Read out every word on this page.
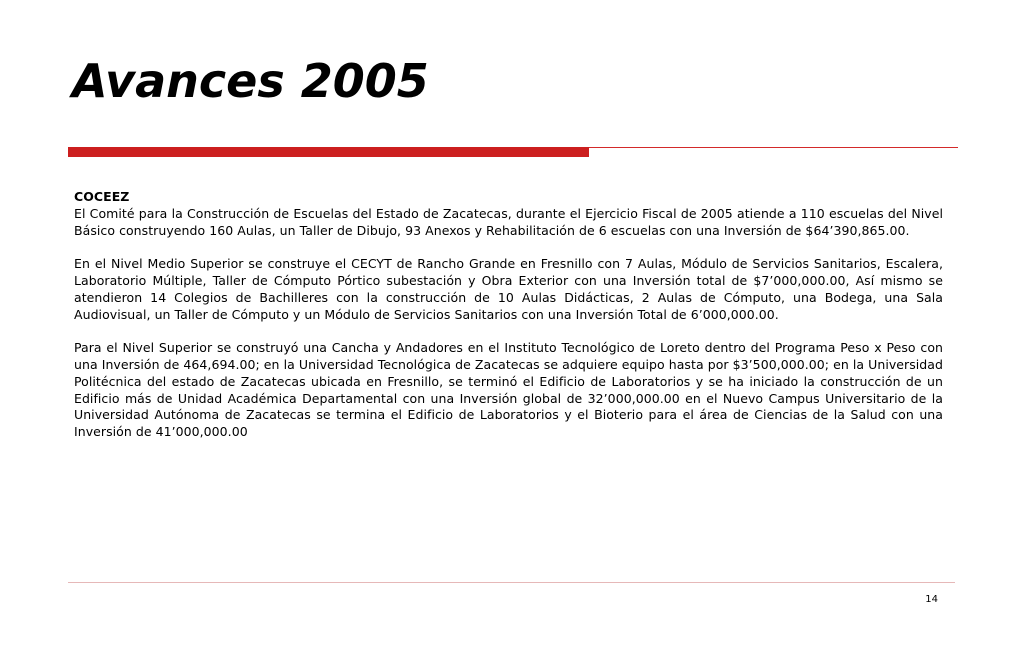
Avances 2005

COCEEZ

El Comité para la Construcción de Escuelas del Estado de Zacatecas, durante el Ejercicio Fiscal de 2005 atiende a 110 escuelas del Nivel Básico construyendo 160 Aulas, un Taller de Dibujo, 93 Anexos y Rehabilitación de 6 escuelas con una Inversión de $64’390,865.00.

En el Nivel Medio Superior se construye el CECYT de Rancho Grande en Fresnillo con 7 Aulas, Módulo de Servicios Sanitarios, Escalera, Laboratorio Múltiple, Taller de Cómputo Pórtico subestación y Obra Exterior con una Inversión total de $7’000,000.00, Así mismo se atendieron 14 Colegios de Bachilleres con la construcción de 10 Aulas Didácticas, 2 Aulas de Cómputo, una Bodega, una Sala Audiovisual, un Taller de Cómputo y un Módulo de Servicios Sanitarios con una Inversión Total de 6’000,000.00.

Para el Nivel Superior se construyó una Cancha y Andadores en el Instituto Tecnológico de Loreto dentro del Programa Peso x Peso con una Inversión de 464,694.00; en la Universidad Tecnológica de Zacatecas se adquiere equipo hasta por $3’500,000.00; en la Universidad Politécnica del estado de Zacatecas ubicada en Fresnillo, se terminó el Edificio de Laboratorios y se ha iniciado la construcción de un Edificio más de Unidad Académica Departamental con una Inversión global de 32’000,000.00 en el Nuevo Campus Universitario de la Universidad Autónoma de Zacatecas se termina el Edificio de Laboratorios y el Bioterio para el área de Ciencias de la Salud con una Inversión de 41’000,000.00

14
